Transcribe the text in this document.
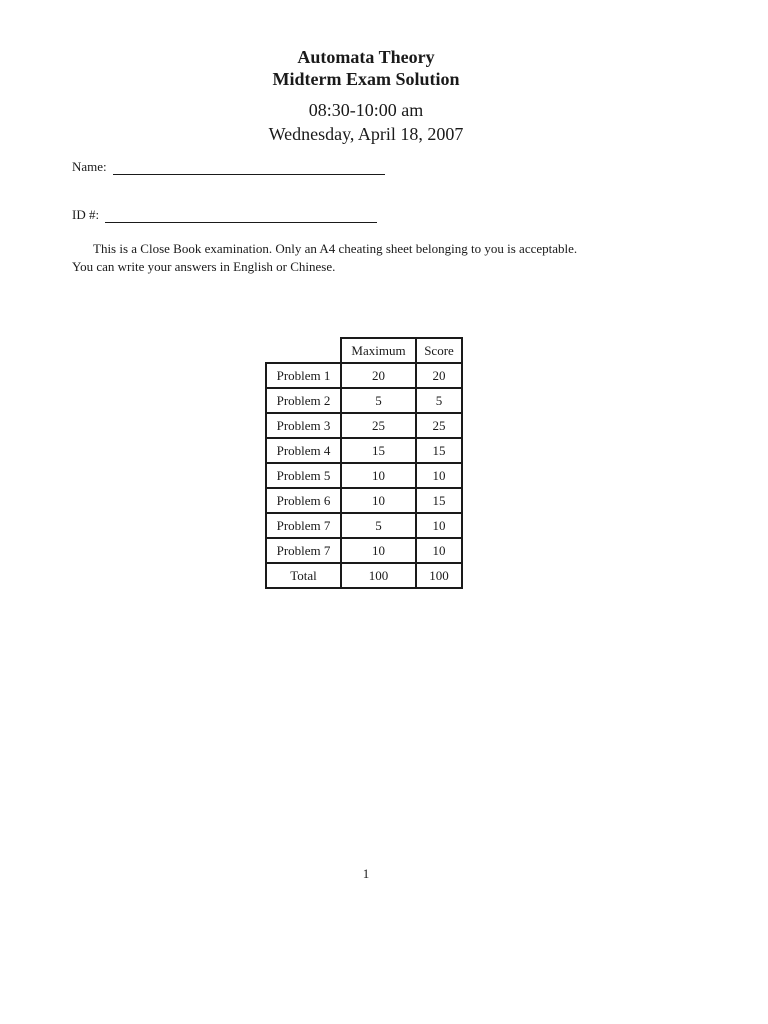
Automata Theory
Midterm Exam Solution
08:30-10:00 am
Wednesday, April 18, 2007
Name:
ID #:

This is a Close Book examination. Only an A4 cheating sheet belonging to you is acceptable.

You can write your answers in English or Chinese.

	Maximum	Score
Problem 1	20	20
Problem 2	5	5
Problem 3	25	25
Problem 4	15	15
Problem 5	10	10
Problem 6	10	15
Problem 7	5	10
Problem 7	10	10
Total	100	100
1
